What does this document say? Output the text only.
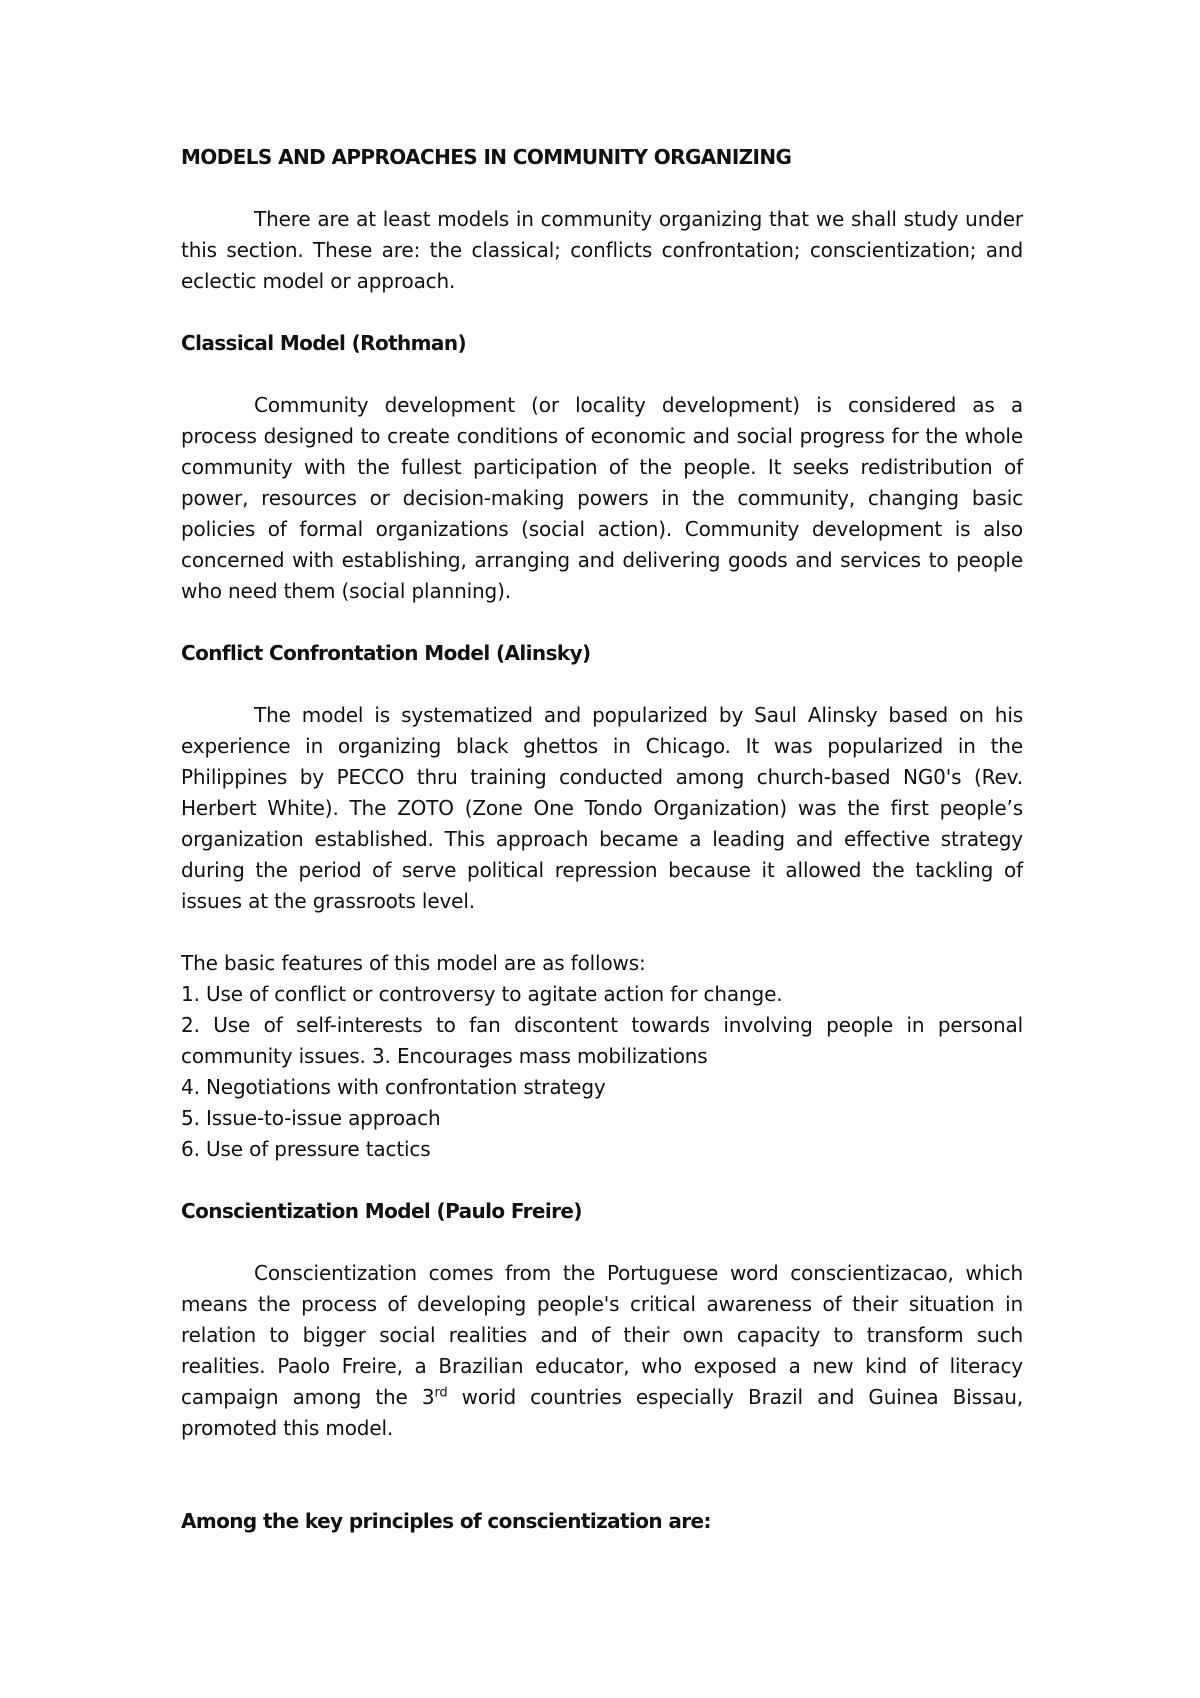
MODELS AND APPROACHES IN COMMUNITY ORGANIZING

There are at least models in community organizing that we shall study under this section. These are: the classical; conflicts confrontation; conscientization; and eclectic model or approach.

Classical Model (Rothman)

Community development (or locality development) is considered as a process designed to create conditions of economic and social progress for the whole community with the fullest participation of the people. It seeks redistribution of power, resources or decision-making powers in the community, changing basic policies of formal organizations (social action). Community development is also concerned with establishing, arranging and delivering goods and services to people who need them (social planning).

Conflict Confrontation Model (Alinsky)

The model is systematized and popularized by Saul Alinsky based on his experience in organizing black ghettos in Chicago. It was popularized in the Philippines by PECCO thru training conducted among church-based NG0's (Rev. Herbert White). The ZOTO (Zone One Tondo Organization) was the first people’s organization established. This approach became a leading and effective strategy during the period of serve political repression because it allowed the tackling of issues at the grassroots level.

The basic features of this model are as follows:

1. Use of conflict or controversy to agitate action for change.
2. Use of self-interests to fan discontent towards involving people in personal community issues. 3. Encourages mass mobilizations
4. Negotiations with confrontation strategy
5. Issue-to-issue approach
6. Use of pressure tactics
Conscientization Model (Paulo Freire)

Conscientization comes from the Portuguese word conscientizacao, which means the process of developing people's critical awareness of their situation in relation to bigger social realities and of their own capacity to transform such realities. Paolo Freire, a Brazilian educator, who exposed a new kind of literacy campaign among the 3rd worid countries especially Brazil and Guinea Bissau, promoted this model.

Among the key principles of conscientization are:
